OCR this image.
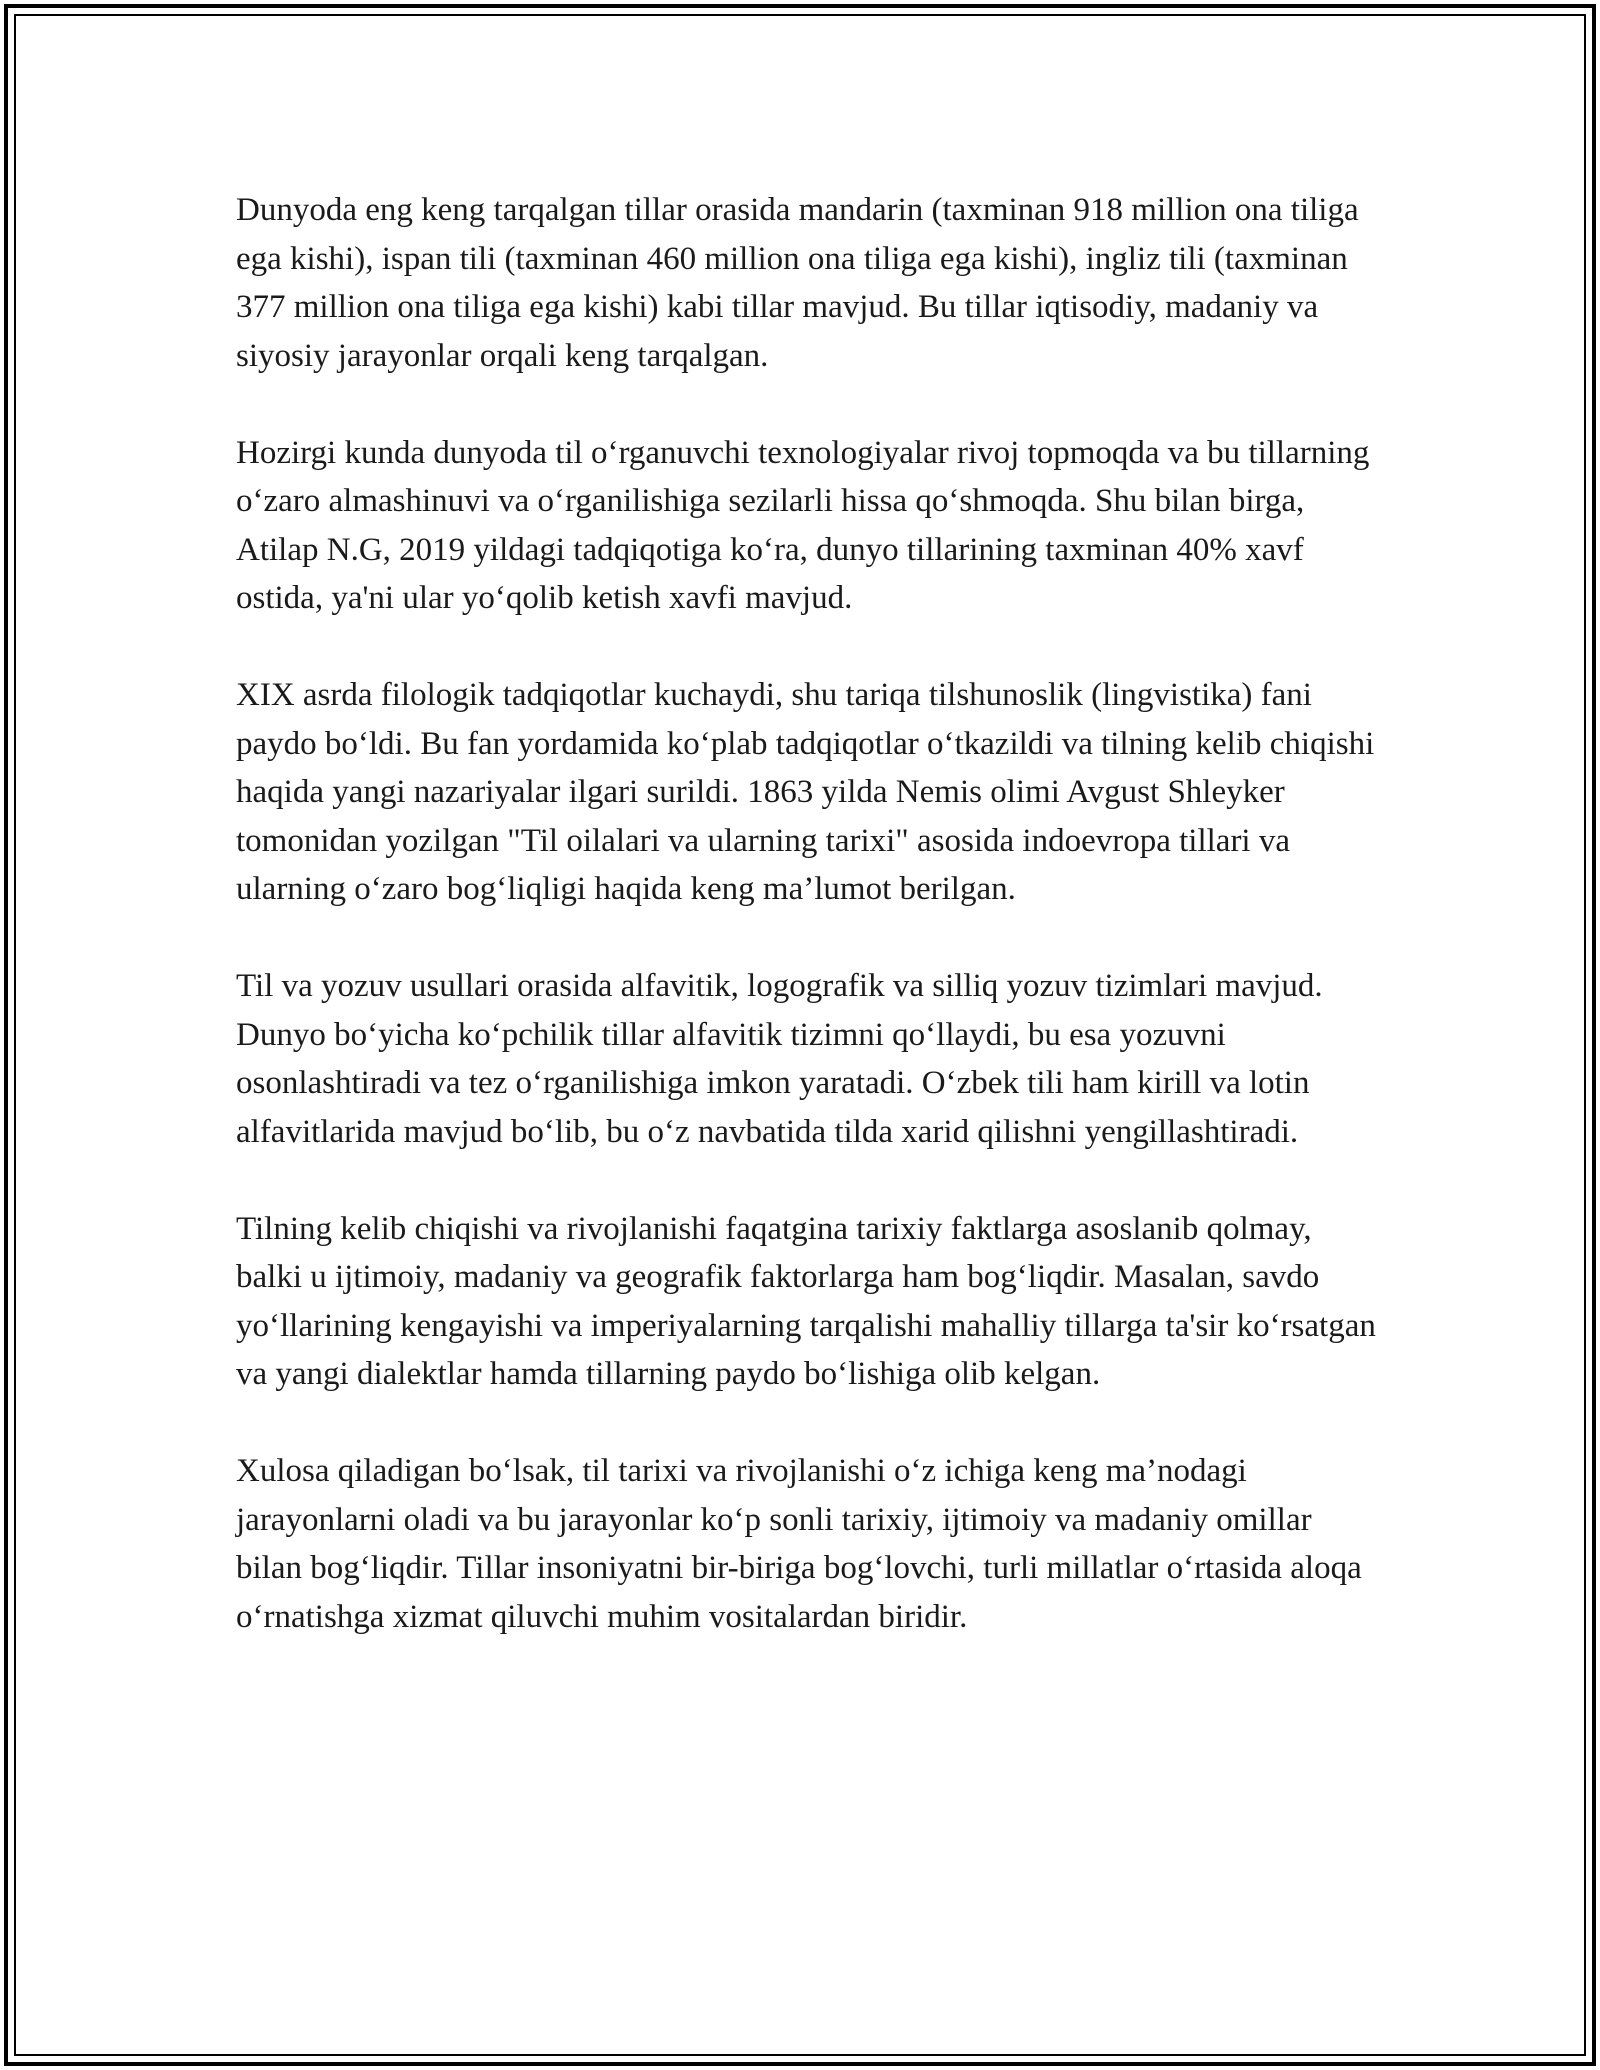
Dunyoda eng keng tarqalgan tillar orasida mandarin (taxminan 918 million ona tiliga ega kishi), ispan tili (taxminan 460 million ona tiliga ega kishi), ingliz tili (taxminan 377 million ona tiliga ega kishi) kabi tillar mavjud. Bu tillar iqtisodiy, madaniy va siyosiy jarayonlar orqali keng tarqalgan.

Hozirgi kunda dunyoda til o‘rganuvchi texnologiyalar rivoj topmoqda va bu tillarning o‘zaro almashinuvi va o‘rganilishiga sezilarli hissa qo‘shmoqda. Shu bilan birga, Atilap N.G, 2019 yildagi tadqiqotiga ko‘ra, dunyo tillarining taxminan 40% xavf ostida, ya'ni ular yo‘qolib ketish xavfi mavjud.

XIX asrda filologik tadqiqotlar kuchaydi, shu tariqa tilshunoslik (lingvistika) fani paydo bo‘ldi. Bu fan yordamida ko‘plab tadqiqotlar o‘tkazildi va tilning kelib chiqishi haqida yangi nazariyalar ilgari surildi. 1863 yilda Nemis olimi Avgust Shleyker tomonidan yozilgan "Til oilalari va ularning tarixi" asosida indoevropa tillari va ularning o‘zaro bog‘liqligi haqida keng ma’lumot berilgan.

Til va yozuv usullari orasida alfavitik, logografik va silliq yozuv tizimlari mavjud. Dunyo bo‘yicha ko‘pchilik tillar alfavitik tizimni qo‘llaydi, bu esa yozuvni osonlashtiradi va tez o‘rganilishiga imkon yaratadi. O‘zbek tili ham kirill va lotin alfavitlarida mavjud bo‘lib, bu o‘z navbatida tilda xarid qilishni yengillashtiradi.

Tilning kelib chiqishi va rivojlanishi faqatgina tarixiy faktlarga asoslanib qolmay, balki u ijtimoiy, madaniy va geografik faktorlarga ham bog‘liqdir. Masalan, savdo yo‘llarining kengayishi va imperiyalarning tarqalishi mahalliy tillarga ta'sir ko‘rsatgan va yangi dialektlar hamda tillarning paydo bo‘lishiga olib kelgan.

Xulosa qiladigan bo‘lsak, til tarixi va rivojlanishi o‘z ichiga keng ma’nodagi jarayonlarni oladi va bu jarayonlar ko‘p sonli tarixiy, ijtimoiy va madaniy omillar bilan bog‘liqdir. Tillar insoniyatni bir-biriga bog‘lovchi, turli millatlar o‘rtasida aloqa o‘rnatishga xizmat qiluvchi muhim vositalardan biridir.
